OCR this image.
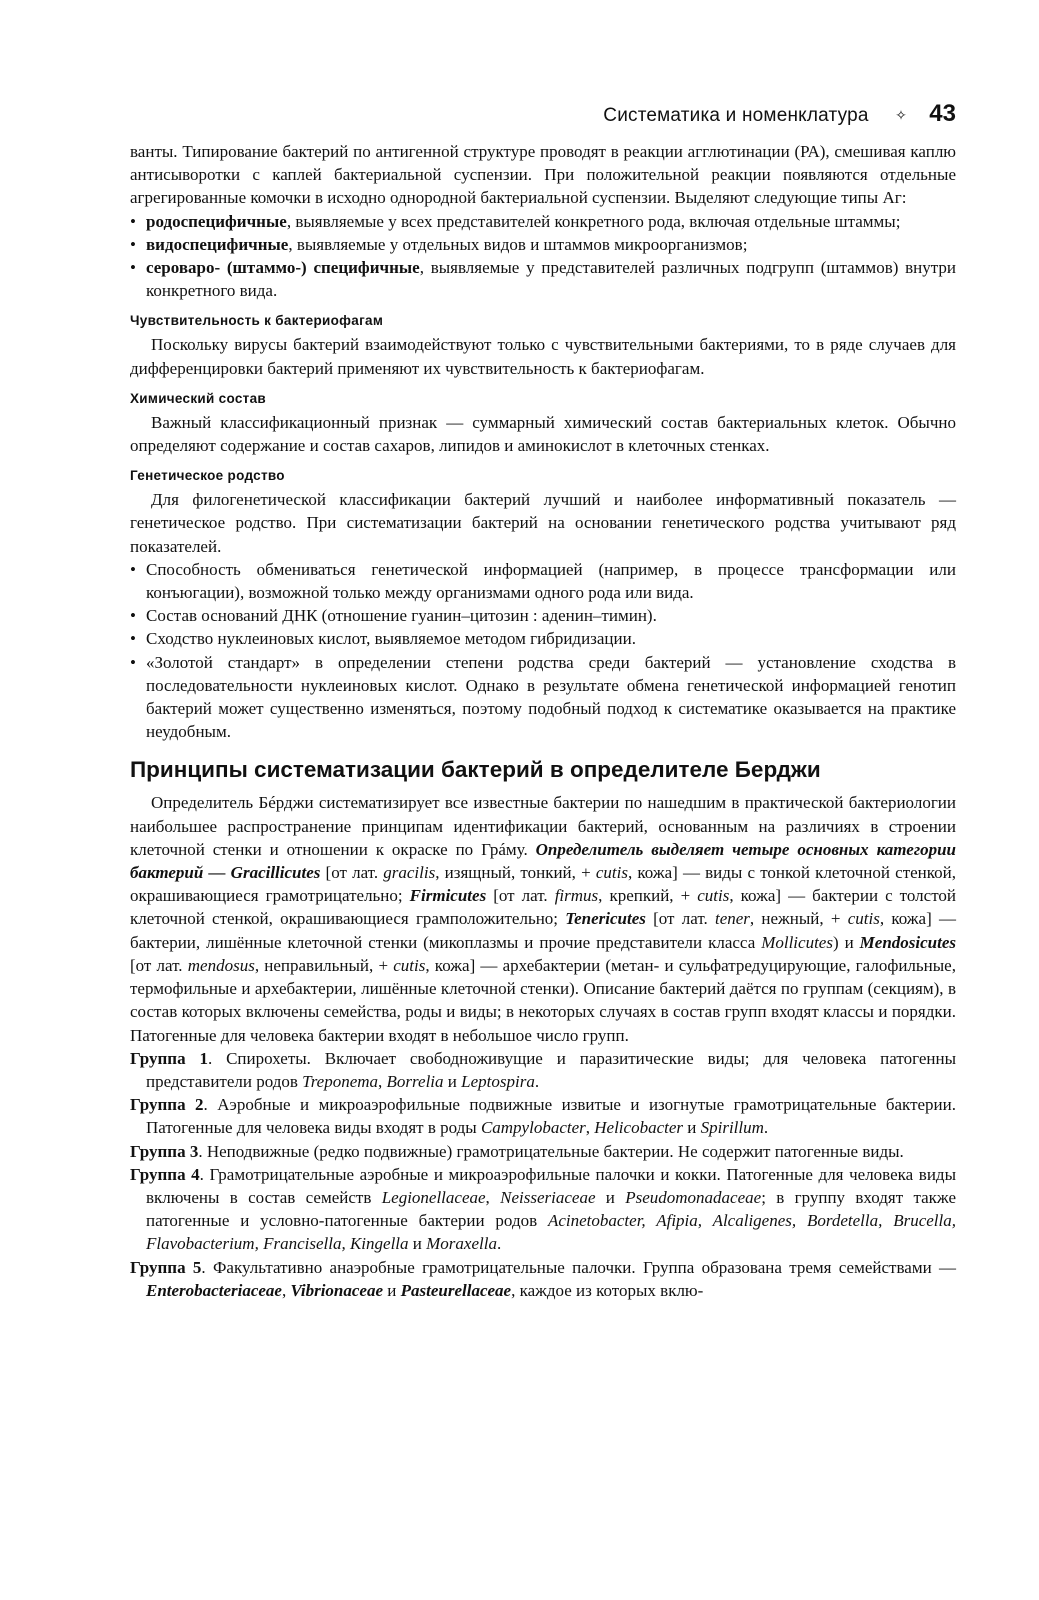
Систематика и номенклатура ✧ 43

ванты. Типирование бактерий по антигенной структуре проводят в реакции агглютинации (РА), смешивая каплю антисыворотки с каплей бактериальной суспензии. При положительной реакции появляются отдельные агрегированные комочки в исходно однородной бактериальной суспензии. Выделяют следующие типы Аг:

• родоспецифичные, выявляемые у всех представителей конкретного рода, включая отдельные штаммы;
• видоспецифичные, выявляемые у отдельных видов и штаммов микроорганизмов;
• сероваро- (штаммо-) специфичные, выявляемые у представителей различных подгрупп (штаммов) внутри конкретного вида.
Чувствительность к бактериофагам

Поскольку вирусы бактерий взаимодействуют только с чувствительными бактериями, то в ряде случаев для дифференцировки бактерий применяют их чувствительность к бактериофагам.

Химический состав

Важный классификационный признак — суммарный химический состав бактериальных клеток. Обычно определяют содержание и состав сахаров, липидов и аминокислот в клеточных стенках.

Генетическое родство

Для филогенетической классификации бактерий лучший и наиболее информативный показатель — генетическое родство. При систематизации бактерий на основании генетического родства учитывают ряд показателей.

• Способность обмениваться генетической информацией (например, в процессе трансформации или конъюгации), возможной только между организмами одного рода или вида.
• Состав оснований ДНК (отношение гуанин–цитозин : аденин–тимин).
• Сходство нуклеиновых кислот, выявляемое методом гибридизации.
• «Золотой стандарт» в определении степени родства среди бактерий — установление сходства в последовательности нуклеиновых кислот. Однако в результате обмена генетической информацией генотип бактерий может существенно изменяться, поэтому подобный подход к систематике оказывается на практике неудобным.
Принципы систематизации бактерий в определителе Берджи

Определитель Бéрджи систематизирует все известные бактерии по нашедшим в практической бактериологии наибольшее распространение принципам идентификации бактерий, основанным на различиях в строении клеточной стенки и отношении к окраске по Грáму. Определитель выделяет четыре основных категории бактерий — Gracillicutes [от лат. gracilis, изящный, тонкий, + cutis, кожа] — виды с тонкой клеточной стенкой, окрашивающиеся грамотрицательно; Firmicutes [от лат. firmus, крепкий, + cutis, кожа] — бактерии с толстой клеточной стенкой, окрашивающиеся грамположительно; Tenericutes [от лат. tener, нежный, + cutis, кожа] — бактерии, лишённые клеточной стенки (микоплазмы и прочие представители класса Mollicutes) и Mendosicutes [от лат. mendosus, неправильный, + cutis, кожа] — архебактерии (метан- и сульфатредуцирующие, галофильные, термофильные и архебактерии, лишённые клеточной стенки). Описание бактерий даётся по группам (секциям), в состав которых включены семейства, роды и виды; в некоторых случаях в состав групп входят классы и порядки. Патогенные для человека бактерии входят в небольшое число групп.

Группа 1. Спирохеты. Включает свободноживущие и паразитические виды; для человека патогенны представители родов Treponema, Borrelia и Leptospira.

Группа 2. Аэробные и микроаэрофильные подвижные извитые и изогнутые грамотрицательные бактерии. Патогенные для человека виды входят в роды Campylobacter, Helicobacter и Spirillum.

Группа 3. Неподвижные (редко подвижные) грамотрицательные бактерии. Не содержит патогенные виды.

Группа 4. Грамотрицательные аэробные и микроаэрофильные палочки и кокки. Патогенные для человека виды включены в состав семейств Legionellaceae, Neisseriaceae и Pseudomonadaceae; в группу входят также патогенные и условно-патогенные бактерии родов Acinetobacter, Afipia, Alcaligenes, Bordetella, Brucella, Flavobacterium, Francisella, Kingella и Moraxella.

Группа 5. Факультативно анаэробные грамотрицательные палочки. Группа образована тремя семействами — Enterobacteriaceae, Vibrionaceae и Pasteurellaceae, каждое из которых вклю-
